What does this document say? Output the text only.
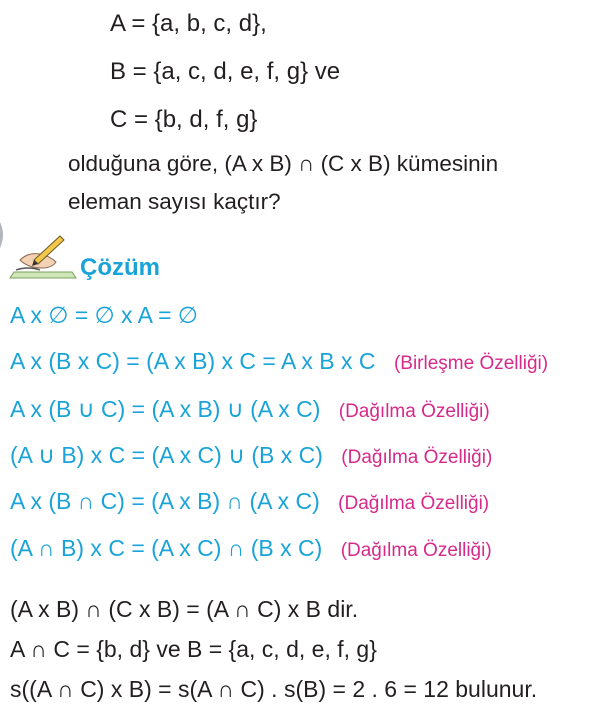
A = {a, b, c, d},
B = {a, c, d, e, f, g} ve
C = {b, d, f, g}
olduğuna göre, (A x B) ∩ (C x B) kümesinin
eleman sayısı kaçtır?
Çözüm
A x ∅ = ∅ x A = ∅
A x (B x C) = (A x B) x C = A x B x C (Birleşme Özelliği)
A x (B ∪ C) = (A x B) ∪ (A x C) (Dağılma Özelliği)
(A ∪ B) x C = (A x C) ∪ (B x C) (Dağılma Özelliği)
A x (B ∩ C) = (A x B) ∩ (A x C) (Dağılma Özelliği)
(A ∩ B) x C = (A x C) ∩ (B x C) (Dağılma Özelliği)
(A x B) ∩ (C x B) = (A ∩ C) x B dir.
A ∩ C = {b, d} ve B = {a, c, d, e, f, g}
s((A ∩ C) x B) = s(A ∩ C) . s(B) = 2 . 6 = 12 bulunur.
